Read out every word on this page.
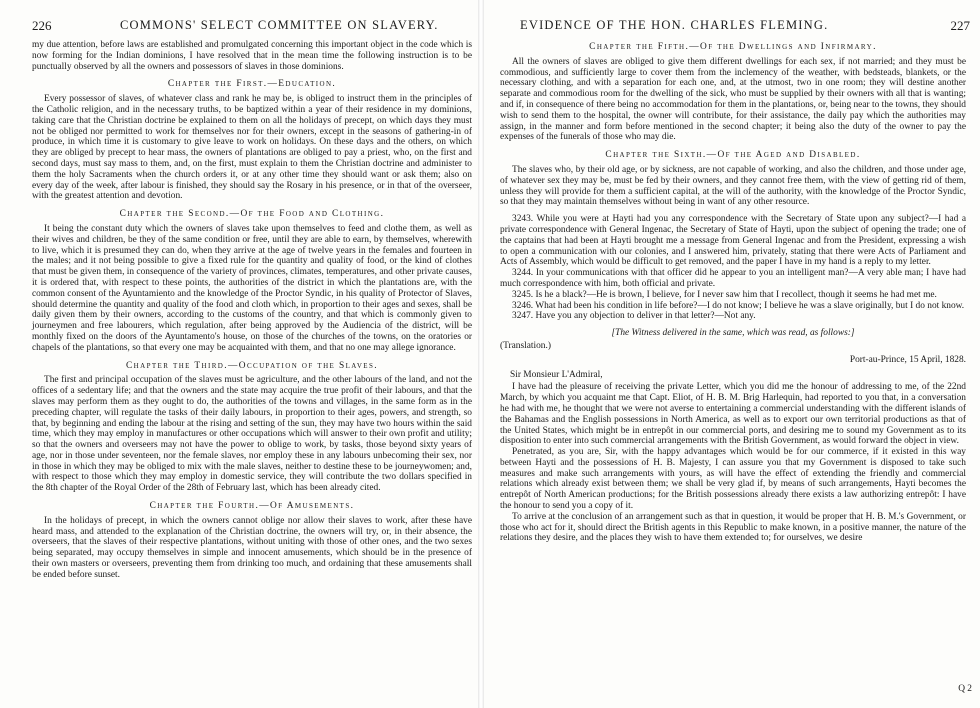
226	COMMONS' SELECT COMMITTEE ON SLAVERY.

my due attention, before laws are established and promulgated concerning this important object in the code which is now forming for the Indian dominions, I have resolved that in the mean time the following instruction is to be punctually observed by all the owners and possessors of slaves in those dominions.

Chapter the First.—Education.

Every possessor of slaves, of whatever class and rank he may be, is obliged to instruct them in the principles of the Catholic religion, and in the necessary truths, to be baptized within a year of their residence in my dominions, taking care that the Christian doctrine be explained to them on all the holidays of precept, on which days they must not be obliged nor permitted to work for themselves nor for their owners, except in the seasons of gathering-in of produce, in which time it is customary to give leave to work on holidays. On these days and the others, on which they are obliged by precept to hear mass, the owners of plantations are obliged to pay a priest, who, on the first and second days, must say mass to them, and, on the first, must explain to them the Christian doctrine and administer to them the holy Sacraments when the church orders it, or at any other time they should want or ask them; also on every day of the week, after labour is finished, they should say the Rosary in his presence, or in that of the overseer, with the greatest attention and devotion.

Chapter the Second.—Of the Food and Clothing.

It being the constant duty which the owners of slaves take upon themselves to feed and clothe them, as well as their wives and children, be they of the same condition or free, until they are able to earn, by themselves, wherewith to live, which it is presumed they can do, when they arrive at the age of twelve years in the females and fourteen in the males; and it not being possible to give a fixed rule for the quantity and quality of food, or the kind of clothes that must be given them, in consequence of the variety of provinces, climates, temperatures, and other private causes, it is ordered that, with respect to these points, the authorities of the district in which the plantations are, with the common consent of the Ayuntamiento and the knowledge of the Proctor Syndic, in his quality of Protector of Slaves, should determine the quantity and quality of the food and cloth which, in proportion to their ages and sexes, shall be daily given them by their owners, according to the customs of the country, and that which is commonly given to journeymen and free labourers, which regulation, after being approved by the Audiencia of the district, will be monthly fixed on the doors of the Ayuntamento's house, on those of the churches of the towns, on the oratories or chapels of the plantations, so that every one may be acquainted with them, and that no one may allege ignorance.

Chapter the Third.—Occupation of the Slaves.

The first and principal occupation of the slaves must be agriculture, and the other labours of the land, and not the offices of a sedentary life; and that the owners and the state may acquire the true profit of their labours, and that the slaves may perform them as they ought to do, the authorities of the towns and villages, in the same form as in the preceding chapter, will regulate the tasks of their daily labours, in proportion to their ages, powers, and strength, so that, by beginning and ending the labour at the rising and setting of the sun, they may have two hours within the said time, which they may employ in manufactures or other occupations which will answer to their own profit and utility; so that the owners and overseers may not have the power to oblige to work, by tasks, those beyond sixty years of age, nor in those under seventeen, nor the female slaves, nor employ these in any labours unbecoming their sex, nor in those in which they may be obliged to mix with the male slaves, neither to destine these to be journeywomen; and, with respect to those which they may employ in domestic service, they will contribute the two dollars specified in the 8th chapter of the Royal Order of the 28th of February last, which has been already cited.

Chapter the Fourth.—Of Amusements.

In the holidays of precept, in which the owners cannot oblige nor allow their slaves to work, after these have heard mass, and attended to the explanation of the Christian doctrine, the owners will try, or, in their absence, the overseers, that the slaves of their respective plantations, without uniting with those of other ones, and the two sexes being separated, may occupy themselves in simple and innocent amusements, which should be in the presence of their own masters or overseers, preventing them from drinking too much, and ordaining that these amusements shall be ended before sunset.

EVIDENCE OF THE HON. CHARLES FLEMING.	227
Chapter the Fifth.—Of the Dwellings and Infirmary.

All the owners of slaves are obliged to give them different dwellings for each sex, if not married; and they must be commodious, and sufficiently large to cover them from the inclemency of the weather, with bedsteads, blankets, or the necessary clothing, and with a separation for each one, and, at the utmost, two in one room; they will destine another separate and commodious room for the dwelling of the sick, who must be supplied by their owners with all that is wanting; and if, in consequence of there being no accommodation for them in the plantations, or, being near to the towns, they should wish to send them to the hospital, the owner will contribute, for their assistance, the daily pay which the authorities may assign, in the manner and form before mentioned in the second chapter; it being also the duty of the owner to pay the expenses of the funerals of those who may die.

Chapter the Sixth.—Of the Aged and Disabled.

The slaves who, by their old age, or by sickness, are not capable of working, and also the children, and those under age, of whatever sex they may be, must be fed by their owners, and they cannot free them, with the view of getting rid of them, unless they will provide for them a sufficient capital, at the will of the authority, with the knowledge of the Proctor Syndic, so that they may maintain themselves without being in want of any other resource.

3243. While you were at Hayti had you any correspondence with the Secretary of State upon any subject?—I had a private correspondence with General Ingenac, the Secretary of State of Hayti, upon the subject of opening the trade; one of the captains that had been at Hayti brought me a message from General Ingenac and from the President, expressing a wish to open a communication with our colonies, and I answered him, privately, stating that there were Acts of Parliament and Acts of Assembly, which would be difficult to get removed, and the paper I have in my hand is a reply to my letter.

3244. In your communications with that officer did he appear to you an intelligent man?—A very able man; I have had much correspondence with him, both official and private.

3245. Is he a black?—He is brown, I believe, for I never saw him that I recollect, though it seems he had met me.

3246. What had been his condition in life before?—I do not know; I believe he was a slave originally, but I do not know.

3247. Have you any objection to deliver in that letter?—Not any.

[The Witness delivered in the same, which was read, as follows:]

(Translation.)

Port-au-Prince, 15 April, 1828.

Sir Monsieur L'Admiral,

I have had the pleasure of receiving the private Letter, which you did me the honour of addressing to me, of the 22nd March, by which you acquaint me that Capt. Eliot, of H. B. M. Brig Harlequin, had reported to you that, in a conversation he had with me, he thought that we were not averse to entertaining a commercial understanding with the different islands of the Bahamas and the English possessions in North America, as well as to export our own territorial productions as that of the United States, which might be in entrepôt in our commercial ports, and desiring me to sound my Government as to its disposition to enter into such commercial arrangements with the British Government, as would forward the object in view.

Penetrated, as you are, Sir, with the happy advantages which would be for our commerce, if it existed in this way between Hayti and the possessions of H. B. Majesty, I can assure you that my Government is disposed to take such measures and make such arrangements with yours, as will have the effect of extending the friendly and commercial relations which already exist between them; we shall be very glad if, by means of such arrangements, Hayti becomes the entrepôt of North American productions; for the British possessions already there exists a law authorizing entrepôt: I have the honour to send you a copy of it.

To arrive at the conclusion of an arrangement such as that in question, it would be proper that H. B. M.'s Government, or those who act for it, should direct the British agents in this Republic to make known, in a positive manner, the nature of the relations they desire, and the places they wish to have them extended to; for ourselves, we desire

Q 2
